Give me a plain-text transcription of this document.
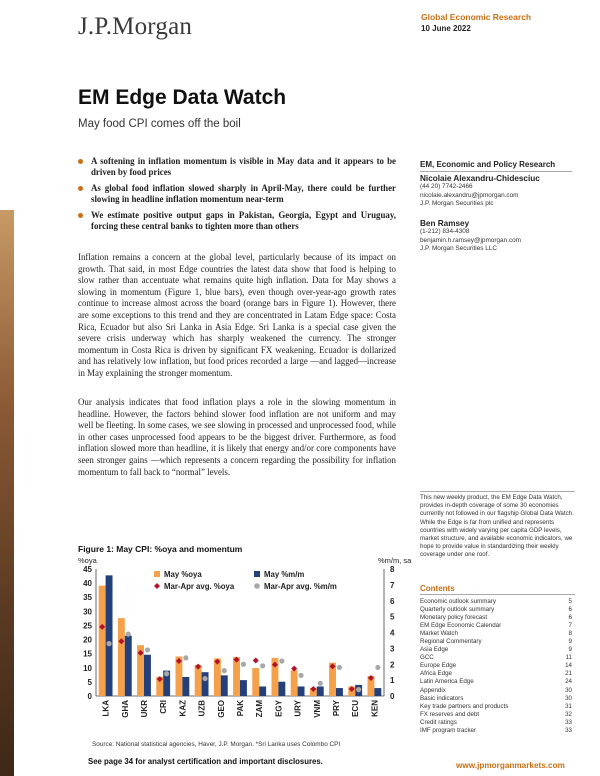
J.P.Morgan	Global Economic Research
10 June 2022
EM Edge Data Watch
May food CPI comes off the boil
A softening in inflation momentum is visible in May data and it appears to be driven by food prices
As global food inflation slowed sharply in April-May, there could be further slowing in headline inflation momentum near-term
We estimate positive output gaps in Pakistan, Georgia, Egypt and Uruguay, forcing these central banks to tighten more than others

Inflation remains a concern at the global level, particularly because of its impact on growth. That said, in most Edge countries the latest data show that food is helping to slow rather than accentuate what remains quite high inflation. Data for May shows a slowing in momentum (Figure 1, blue bars), even though over-year-ago growth rates continue to increase almost across the board (orange bars in Figure 1). However, there are some exceptions to this trend and they are concentrated in Latam Edge space: Costa Rica, Ecuador but also Sri Lanka in Asia Edge. Sri Lanka is a special case given the severe crisis underway which has sharply weakened the currency. The stronger momentum in Costa Rica is driven by significant FX weakening. Ecuador is dollarized and has relatively low inflation, but food prices recorded a large —and lagged—increase in May explaining the stronger momentum.

Our analysis indicates that food inflation plays a role in the slowing momentum in headline. However, the factors behind slower food inflation are not uniform and may well be fleeting. In some cases, we see slowing in processed and unprocessed food, while in other cases unprocessed food appears to be the biggest driver. Furthermore, as food inflation slowed more than headline, it is likely that energy and/or core components have seen stronger gains —which represents a concern regarding the possibility for inflation momentum to fall back to “normal” levels.

Figure 1: May CPI: %oya and momentum
%oya	%m/m, sa
0
5
10
15
20
25
30
35
40
45
0
1
2
3
4
5
6
7
8
LKA GHA UKR CRI KAZ UZB GEO PAK ZAM EGY URY VNM PRY ECU KEN
May %oya	May %m/m
Mar-Apr avg. %oya	Mar-Apr avg. %m/m
Source: National statistical agencies, Haver, J.P. Morgan. *Sri Lanka uses Colombo CPI
See page 34 for analyst certification and important disclosures.
EM, Economic and Policy Research
Nicolaie Alexandru-Chidesciuc
(44 20) 7742-2466
nicolaie.alexandru@jpmorgan.com
J.P. Morgan Securities plc
Ben Ramsey
(1-212) 834-4308
benjamin.h.ramsey@jpmorgan.com
J.P. Morgan Securities LLC
This new weekly product, the EM Edge Data Watch, provides in-depth coverage of some 30 economies currently not followed in our flagship Global Data Watch. While the Edge is far from unified and represents countries with widely varying per capita GDP levels, market structure, and available economic indicators, we hope to provide value in standardizing their weekly coverage under one roof.
Contents
Economic outlook summary	5
Quarterly outlook summary	6
Monetary policy forecast	6
EM Edge Economic Calendar	7
Market Watch	8
Regional Commentary	9
Asia Edge	9
GCC	11
Europe Edge	14
Africa Edge	21
Latin America Edge	24
Appendix	30
Basic indicators	30
Key trade partners and products	31
FX reserves and debt	32
Credit ratings	33
IMF program tracker	33
www.jpmorganmarkets.com
